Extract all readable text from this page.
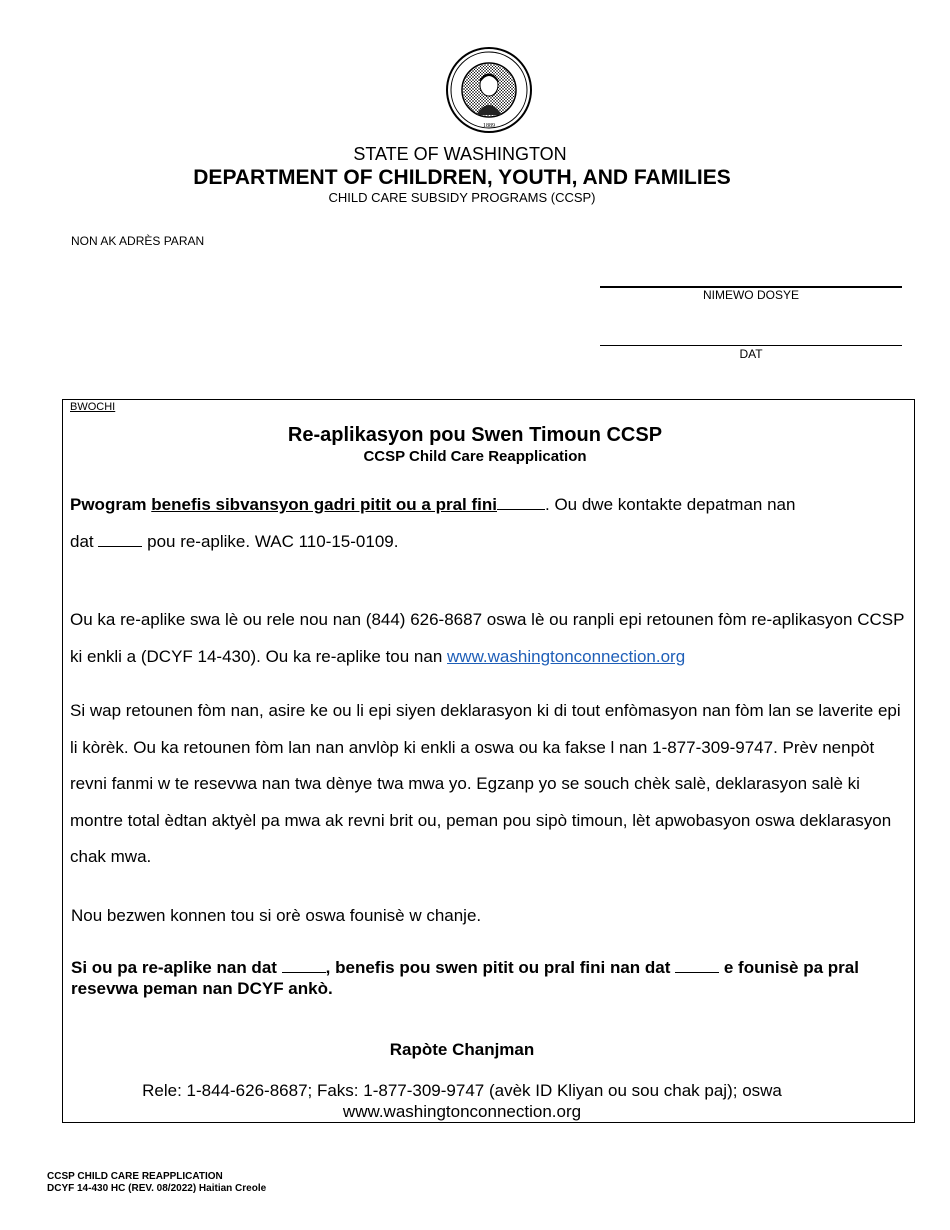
1889
STATE OF WASHINGTON
DEPARTMENT OF CHILDREN, YOUTH, AND FAMILIES
CHILD CARE SUBSIDY PROGRAMS (CCSP)
NON AK ADRÈS PARAN
NIMEWO DOSYE
DAT
BWOCHI
Re-aplikasyon pou Swen Timoun CCSP
CCSP Child Care Reapplication
Pwogram benefis sibvansyon gadri pitit ou a pral fini	. Ou dwe kontakte depatman nan
dat	pou re-aplike. WAC 110-15-0109.
Ou ka re-aplike swa lè ou rele nou nan (844) 626-8687 oswa lè ou ranpli epi retounen fòm re-aplikasyon CCSP ki enkli a (DCYF 14-430). Ou ka re-aplike tou nan www.washingtonconnection.org
Si wap retounen fòm nan, asire ke ou li epi siyen deklarasyon ki di tout enfòmasyon nan fòm lan se laverite epi li kòrèk. Ou ka retounen fòm lan nan anvlòp ki enkli a oswa ou ka fakse l nan 1-877-309-9747. Prèv nenpòt revni fanmi w te resevwa nan twa dènye twa mwa yo. Egzanp yo se souch chèk salè, deklarasyon salè ki montre total èdtan aktyèl pa mwa ak revni brit ou, peman pou sipò timoun, lèt apwobasyon oswa deklarasyon chak mwa.
Nou bezwen konnen tou si orè oswa founisè w chanje.
Si ou pa re-aplike nan dat	, benefis pou swen pitit ou pral fini nan dat	e founisè pa pral resevwa peman nan DCYF ankò.
Rapòte Chanjman
Rele: 1-844-626-8687; Faks: 1-877-309-9747 (avèk ID Kliyan ou sou chak paj); oswa
www.washingtonconnection.org
CCSP CHILD CARE REAPPLICATION
DCYF 14-430 HC (REV. 08/2022) Haitian Creole
